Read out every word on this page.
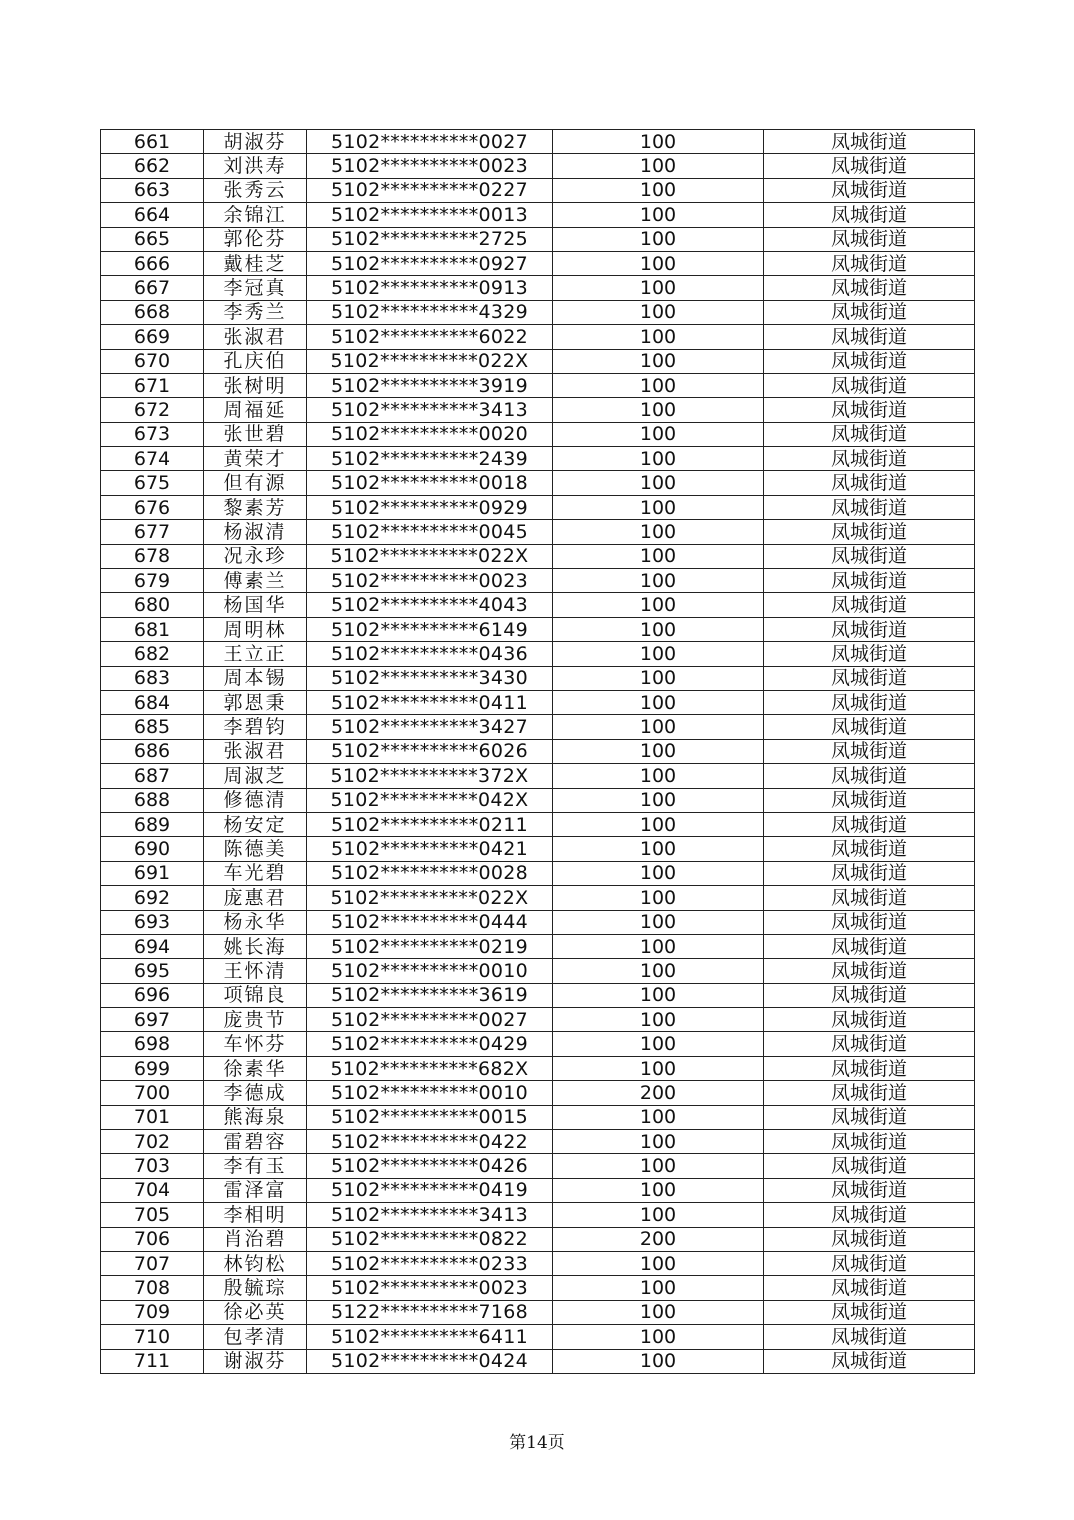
661	胡淑芬	5102**********0027	100	凤城街道
662	刘洪寿	5102**********0023	100	凤城街道
663	张秀云	5102**********0227	100	凤城街道
664	余锦江	5102**********0013	100	凤城街道
665	郭伦芬	5102**********2725	100	凤城街道
666	戴桂芝	5102**********0927	100	凤城街道
667	李冠真	5102**********0913	100	凤城街道
668	李秀兰	5102**********4329	100	凤城街道
669	张淑君	5102**********6022	100	凤城街道
670	孔庆伯	5102**********022X	100	凤城街道
671	张树明	5102**********3919	100	凤城街道
672	周福延	5102**********3413	100	凤城街道
673	张世碧	5102**********0020	100	凤城街道
674	黄荣才	5102**********2439	100	凤城街道
675	但有源	5102**********0018	100	凤城街道
676	黎素芳	5102**********0929	100	凤城街道
677	杨淑清	5102**********0045	100	凤城街道
678	况永珍	5102**********022X	100	凤城街道
679	傅素兰	5102**********0023	100	凤城街道
680	杨国华	5102**********4043	100	凤城街道
681	周明林	5102**********6149	100	凤城街道
682	王立正	5102**********0436	100	凤城街道
683	周本锡	5102**********3430	100	凤城街道
684	郭恩秉	5102**********0411	100	凤城街道
685	李碧钧	5102**********3427	100	凤城街道
686	张淑君	5102**********6026	100	凤城街道
687	周淑芝	5102**********372X	100	凤城街道
688	修德清	5102**********042X	100	凤城街道
689	杨安定	5102**********0211	100	凤城街道
690	陈德美	5102**********0421	100	凤城街道
691	车光碧	5102**********0028	100	凤城街道
692	庞惠君	5102**********022X	100	凤城街道
693	杨永华	5102**********0444	100	凤城街道
694	姚长海	5102**********0219	100	凤城街道
695	王怀清	5102**********0010	100	凤城街道
696	项锦良	5102**********3619	100	凤城街道
697	庞贵节	5102**********0027	100	凤城街道
698	车怀芬	5102**********0429	100	凤城街道
699	徐素华	5102**********682X	100	凤城街道
700	李德成	5102**********0010	200	凤城街道
701	熊海泉	5102**********0015	100	凤城街道
702	雷碧容	5102**********0422	100	凤城街道
703	李有玉	5102**********0426	100	凤城街道
704	雷泽富	5102**********0419	100	凤城街道
705	李相明	5102**********3413	100	凤城街道
706	肖治碧	5102**********0822	200	凤城街道
707	林钧松	5102**********0233	100	凤城街道
708	殷毓琮	5102**********0023	100	凤城街道
709	徐必英	5122**********7168	100	凤城街道
710	包孝清	5102**********6411	100	凤城街道
711	谢淑芬	5102**********0424	100	凤城街道
第14页
